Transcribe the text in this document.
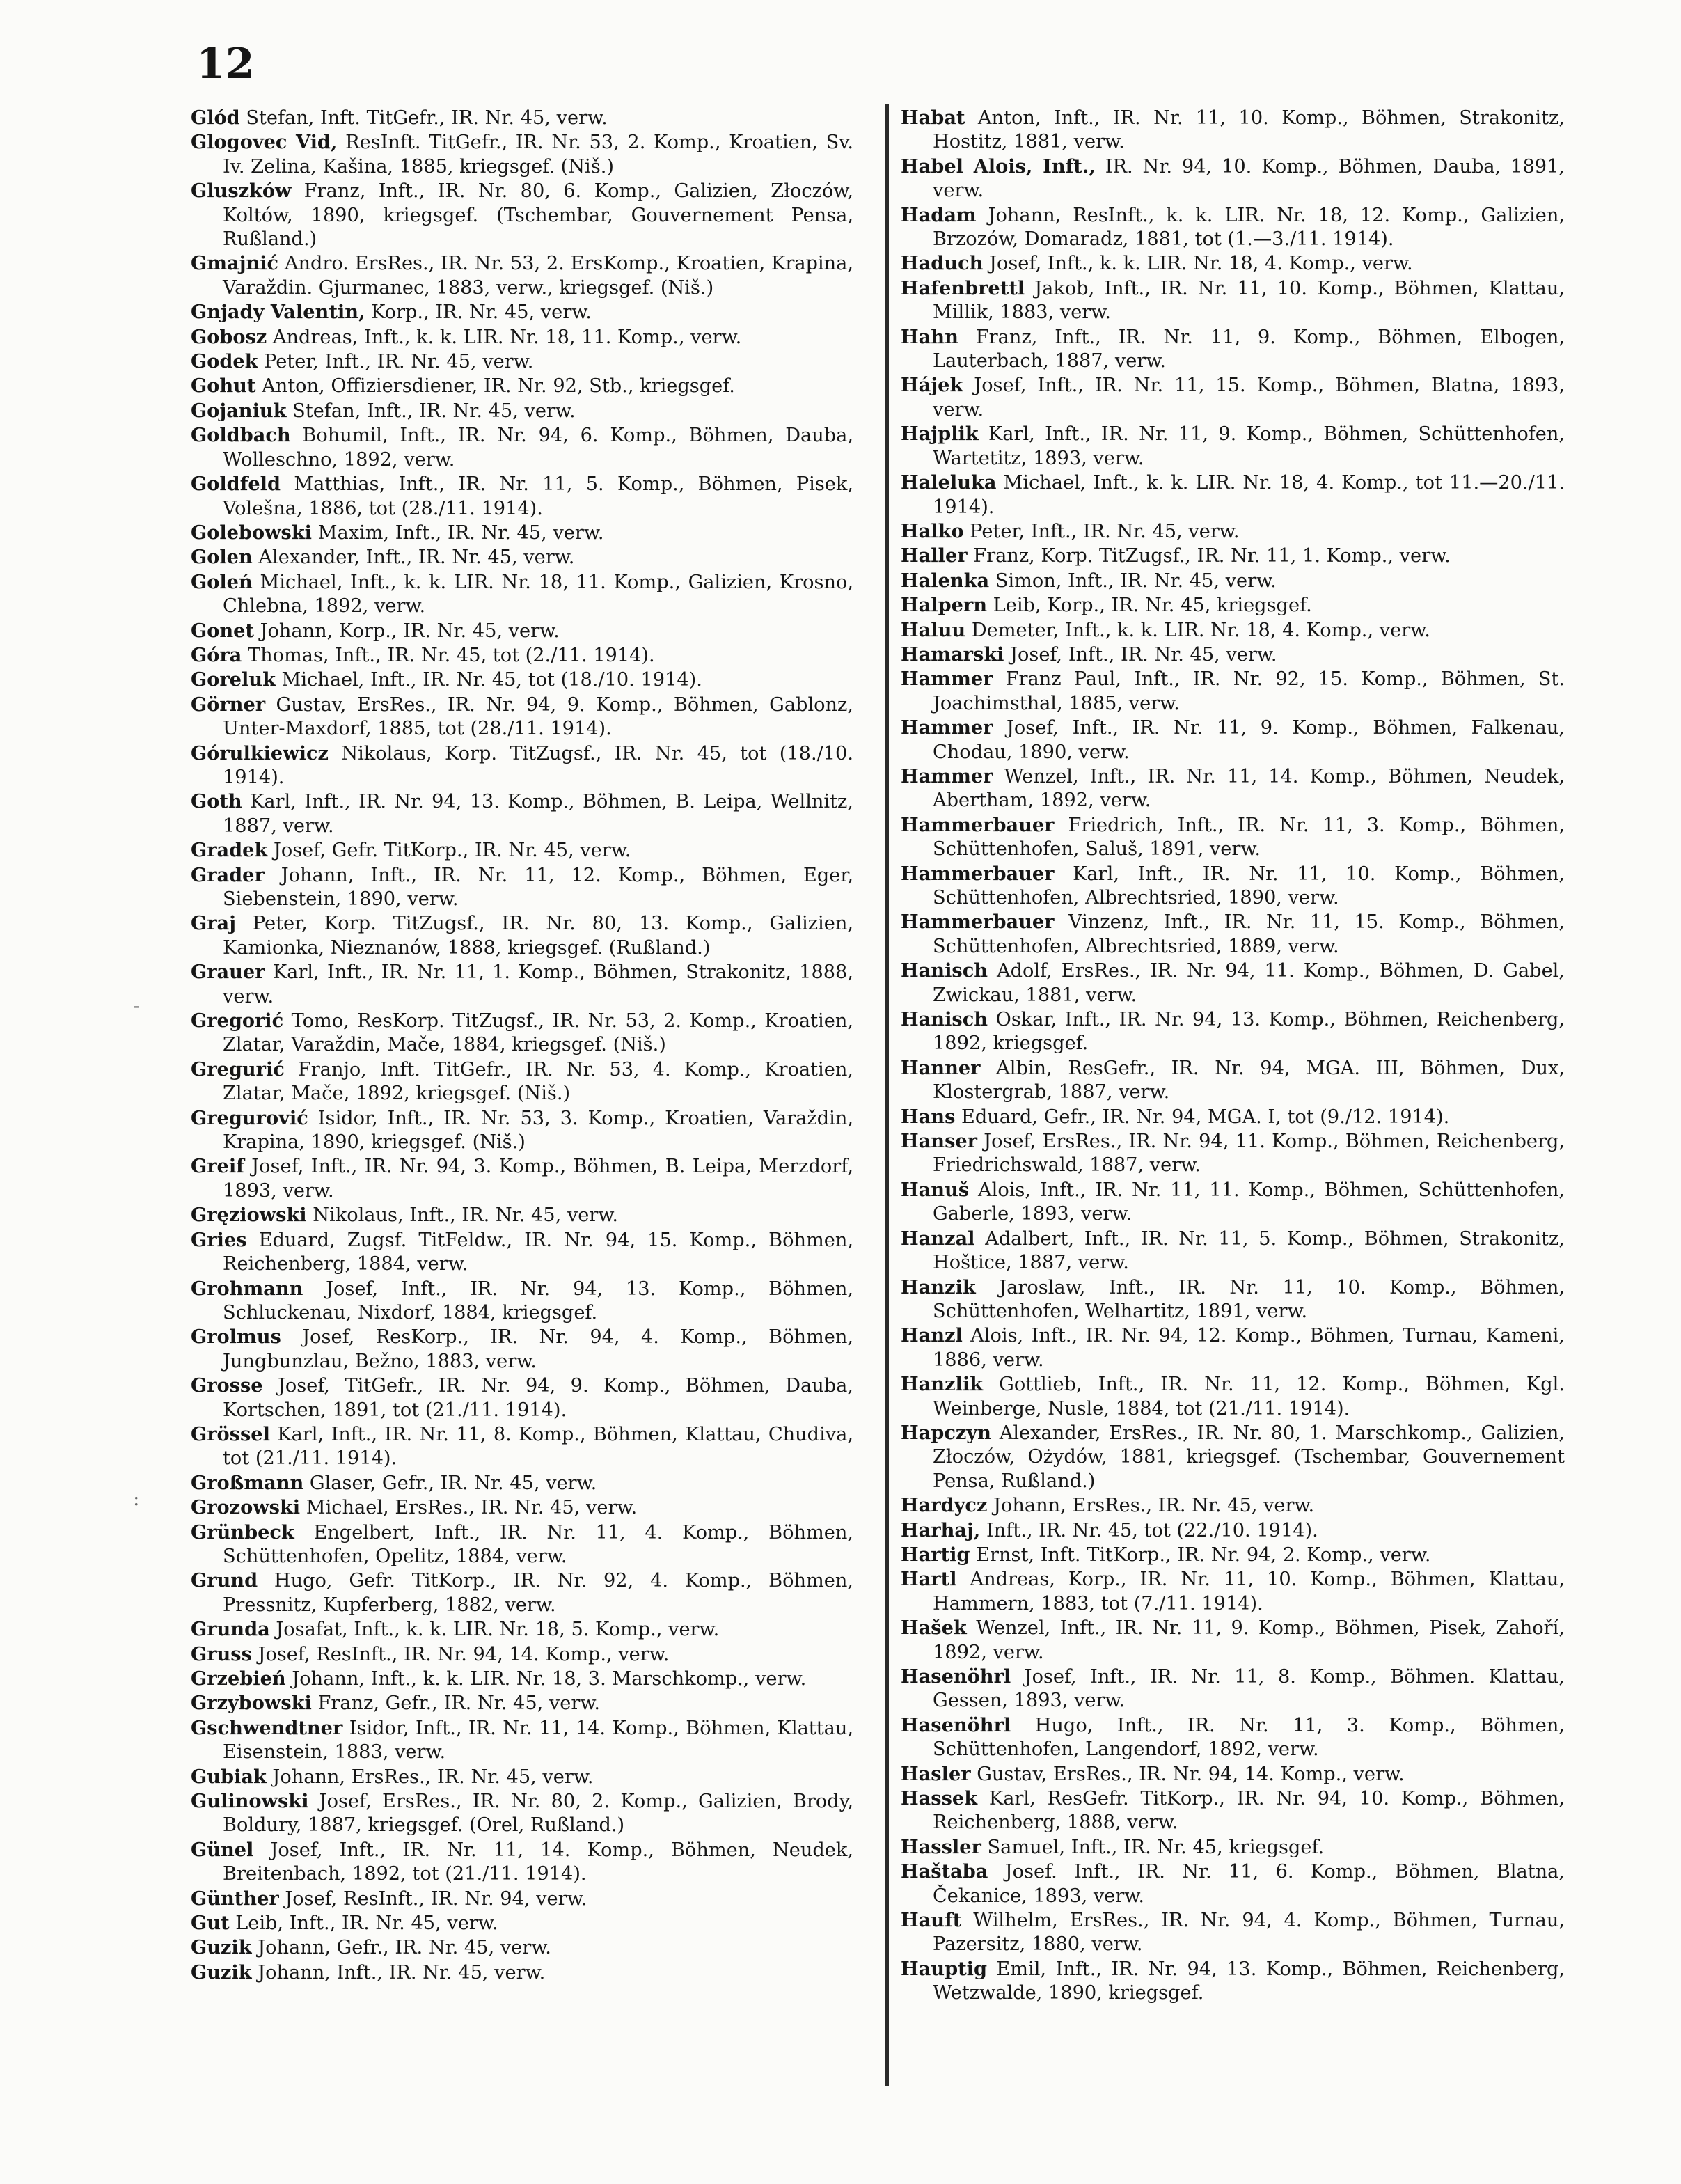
12

Glód Stefan, Inft. TitGefr., IR. Nr. 45, verw.

Glogovec Vid, ResInft. TitGefr., IR. Nr. 53, 2. Komp., Kroatien, Sv. Iv. Zelina, Kašina, 1885, kriegsgef. (Niš.)

Gluszków Franz, Inft., IR. Nr. 80, 6. Komp., Galizien, Złoczów, Koltów, 1890, kriegsgef. (Tschembar, Gouvernement Pensa, Rußland.)

Gmajnić Andro. ErsRes., IR. Nr. 53, 2. ErsKomp., Kroatien, Krapina, Varaždin. Gjurmanec, 1883, verw., kriegsgef. (Niš.)

Gnjady Valentin, Korp., IR. Nr. 45, verw.

Gobosz Andreas, Inft., k. k. LIR. Nr. 18, 11. Komp., verw.

Godek Peter, Inft., IR. Nr. 45, verw.

Gohut Anton, Offiziersdiener, IR. Nr. 92, Stb., kriegsgef.

Gojaniuk Stefan, Inft., IR. Nr. 45, verw.

Goldbach Bohumil, Inft., IR. Nr. 94, 6. Komp., Böhmen, Dauba, Wolleschno, 1892, verw.

Goldfeld Matthias, Inft., IR. Nr. 11, 5. Komp., Böhmen, Pisek, Volešna, 1886, tot (28./11. 1914).

Golebowski Maxim, Inft., IR. Nr. 45, verw.

Golen Alexander, Inft., IR. Nr. 45, verw.

Goleń Michael, Inft., k. k. LIR. Nr. 18, 11. Komp., Galizien, Krosno, Chlebna, 1892, verw.

Gonet Johann, Korp., IR. Nr. 45, verw.

Góra Thomas, Inft., IR. Nr. 45, tot (2./11. 1914).

Goreluk Michael, Inft., IR. Nr. 45, tot (18./10. 1914).

Görner Gustav, ErsRes., IR. Nr. 94, 9. Komp., Böhmen, Gablonz, Unter-Maxdorf, 1885, tot (28./11. 1914).

Górulkiewicz Nikolaus, Korp. TitZugsf., IR. Nr. 45, tot (18./10. 1914).

Goth Karl, Inft., IR. Nr. 94, 13. Komp., Böhmen, B. Leipa, Wellnitz, 1887, verw.

Gradek Josef, Gefr. TitKorp., IR. Nr. 45, verw.

Grader Johann, Inft., IR. Nr. 11, 12. Komp., Böhmen, Eger, Siebenstein, 1890, verw.

Graj Peter, Korp. TitZugsf., IR. Nr. 80, 13. Komp., Galizien, Kamionka, Nieznanów, 1888, kriegsgef. (Rußland.)

Grauer Karl, Inft., IR. Nr. 11, 1. Komp., Böhmen, Strakonitz, 1888, verw.

Gregorić Tomo, ResKorp. TitZugsf., IR. Nr. 53, 2. Komp., Kroatien, Zlatar, Varaždin, Mače, 1884, kriegsgef. (Niš.)

Gregurić Franjo, Inft. TitGefr., IR. Nr. 53, 4. Komp., Kroatien, Zlatar, Mače, 1892, kriegsgef. (Niš.)

Gregurović Isidor, Inft., IR. Nr. 53, 3. Komp., Kroatien, Varaždin, Krapina, 1890, kriegsgef. (Niš.)

Greif Josef, Inft., IR. Nr. 94, 3. Komp., Böhmen, B. Leipa, Merzdorf, 1893, verw.

Gręziowski Nikolaus, Inft., IR. Nr. 45, verw.

Gries Eduard, Zugsf. TitFeldw., IR. Nr. 94, 15. Komp., Böhmen, Reichenberg, 1884, verw.

Grohmann Josef, Inft., IR. Nr. 94, 13. Komp., Böhmen, Schluckenau, Nixdorf, 1884, kriegsgef.

Grolmus Josef, ResKorp., IR. Nr. 94, 4. Komp., Böhmen, Jungbunzlau, Bežno, 1883, verw.

Grosse Josef, TitGefr., IR. Nr. 94, 9. Komp., Böhmen, Dauba, Kortschen, 1891, tot (21./11. 1914).

Grössel Karl, Inft., IR. Nr. 11, 8. Komp., Böhmen, Klattau, Chudiva, tot (21./11. 1914).

Großmann Glaser, Gefr., IR. Nr. 45, verw.

Grozowski Michael, ErsRes., IR. Nr. 45, verw.

Grünbeck Engelbert, Inft., IR. Nr. 11, 4. Komp., Böhmen, Schüttenhofen, Opelitz, 1884, verw.

Grund Hugo, Gefr. TitKorp., IR. Nr. 92, 4. Komp., Böhmen, Pressnitz, Kupferberg, 1882, verw.

Grunda Josafat, Inft., k. k. LIR. Nr. 18, 5. Komp., verw.

Gruss Josef, ResInft., IR. Nr. 94, 14. Komp., verw.

Grzebień Johann, Inft., k. k. LIR. Nr. 18, 3. Marschkomp., verw.

Grzybowski Franz, Gefr., IR. Nr. 45, verw.

Gschwendtner Isidor, Inft., IR. Nr. 11, 14. Komp., Böhmen, Klattau, Eisenstein, 1883, verw.

Gubiak Johann, ErsRes., IR. Nr. 45, verw.

Gulinowski Josef, ErsRes., IR. Nr. 80, 2. Komp., Galizien, Brody, Boldury, 1887, kriegsgef. (Orel, Rußland.)

Günel Josef, Inft., IR. Nr. 11, 14. Komp., Böhmen, Neudek, Breitenbach, 1892, tot (21./11. 1914).

Günther Josef, ResInft., IR. Nr. 94, verw.

Gut Leib, Inft., IR. Nr. 45, verw.

Guzik Johann, Gefr., IR. Nr. 45, verw.

Guzik Johann, Inft., IR. Nr. 45, verw.

Habat Anton, Inft., IR. Nr. 11, 10. Komp., Böhmen, Strakonitz, Hostitz, 1881, verw.

Habel Alois, Inft., IR. Nr. 94, 10. Komp., Böhmen, Dauba, 1891, verw.

Hadam Johann, ResInft., k. k. LIR. Nr. 18, 12. Komp., Galizien, Brzozów, Domaradz, 1881, tot (1.—3./11. 1914).

Haduch Josef, Inft., k. k. LIR. Nr. 18, 4. Komp., verw.

Hafenbrettl Jakob, Inft., IR. Nr. 11, 10. Komp., Böhmen, Klattau, Millik, 1883, verw.

Hahn Franz, Inft., IR. Nr. 11, 9. Komp., Böhmen, Elbogen, Lauterbach, 1887, verw.

Hájek Josef, Inft., IR. Nr. 11, 15. Komp., Böhmen, Blatna, 1893, verw.

Hajplik Karl, Inft., IR. Nr. 11, 9. Komp., Böhmen, Schüttenhofen, Wartetitz, 1893, verw.

Haleluka Michael, Inft., k. k. LIR. Nr. 18, 4. Komp., tot 11.—20./11. 1914).

Halko Peter, Inft., IR. Nr. 45, verw.

Haller Franz, Korp. TitZugsf., IR. Nr. 11, 1. Komp., verw.

Halenka Simon, Inft., IR. Nr. 45, verw.

Halpern Leib, Korp., IR. Nr. 45, kriegsgef.

Haluu Demeter, Inft., k. k. LIR. Nr. 18, 4. Komp., verw.

Hamarski Josef, Inft., IR. Nr. 45, verw.

Hammer Franz Paul, Inft., IR. Nr. 92, 15. Komp., Böhmen, St. Joachimsthal, 1885, verw.

Hammer Josef, Inft., IR. Nr. 11, 9. Komp., Böhmen, Falkenau, Chodau, 1890, verw.

Hammer Wenzel, Inft., IR. Nr. 11, 14. Komp., Böhmen, Neudek, Abertham, 1892, verw.

Hammerbauer Friedrich, Inft., IR. Nr. 11, 3. Komp., Böhmen, Schüttenhofen, Saluš, 1891, verw.

Hammerbauer Karl, Inft., IR. Nr. 11, 10. Komp., Böhmen, Schüttenhofen, Albrechtsried, 1890, verw.

Hammerbauer Vinzenz, Inft., IR. Nr. 11, 15. Komp., Böhmen, Schüttenhofen, Albrechtsried, 1889, verw.

Hanisch Adolf, ErsRes., IR. Nr. 94, 11. Komp., Böhmen, D. Gabel, Zwickau, 1881, verw.

Hanisch Oskar, Inft., IR. Nr. 94, 13. Komp., Böhmen, Reichenberg, 1892, kriegsgef.

Hanner Albin, ResGefr., IR. Nr. 94, MGA. III, Böhmen, Dux, Klostergrab, 1887, verw.

Hans Eduard, Gefr., IR. Nr. 94, MGA. I, tot (9./12. 1914).

Hanser Josef, ErsRes., IR. Nr. 94, 11. Komp., Böhmen, Reichenberg, Friedrichswald, 1887, verw.

Hanuš Alois, Inft., IR. Nr. 11, 11. Komp., Böhmen, Schüttenhofen, Gaberle, 1893, verw.

Hanzal Adalbert, Inft., IR. Nr. 11, 5. Komp., Böhmen, Strakonitz, Hoštice, 1887, verw.

Hanzik Jaroslaw, Inft., IR. Nr. 11, 10. Komp., Böhmen, Schüttenhofen, Welhartitz, 1891, verw.

Hanzl Alois, Inft., IR. Nr. 94, 12. Komp., Böhmen, Turnau, Kameni, 1886, verw.

Hanzlik Gottlieb, Inft., IR. Nr. 11, 12. Komp., Böhmen, Kgl. Weinberge, Nusle, 1884, tot (21./11. 1914).

Hapczyn Alexander, ErsRes., IR. Nr. 80, 1. Marschkomp., Galizien, Złoczów, Ożydów, 1881, kriegsgef. (Tschembar, Gouvernement Pensa, Rußland.)

Hardycz Johann, ErsRes., IR. Nr. 45, verw.

Harhaj, Inft., IR. Nr. 45, tot (22./10. 1914).

Hartig Ernst, Inft. TitKorp., IR. Nr. 94, 2. Komp., verw.

Hartl Andreas, Korp., IR. Nr. 11, 10. Komp., Böhmen, Klattau, Hammern, 1883, tot (7./11. 1914).

Hašek Wenzel, Inft., IR. Nr. 11, 9. Komp., Böhmen, Pisek, Zahoří, 1892, verw.

Hasenöhrl Josef, Inft., IR. Nr. 11, 8. Komp., Böhmen. Klattau, Gessen, 1893, verw.

Hasenöhrl Hugo, Inft., IR. Nr. 11, 3. Komp., Böhmen, Schüttenhofen, Langendorf, 1892, verw.

Hasler Gustav, ErsRes., IR. Nr. 94, 14. Komp., verw.

Hassek Karl, ResGefr. TitKorp., IR. Nr. 94, 10. Komp., Böhmen, Reichenberg, 1888, verw.

Hassler Samuel, Inft., IR. Nr. 45, kriegsgef.

Haštaba Josef. Inft., IR. Nr. 11, 6. Komp., Böhmen, Blatna, Čekanice, 1893, verw.

Hauft Wilhelm, ErsRes., IR. Nr. 94, 4. Komp., Böhmen, Turnau, Pazersitz, 1880, verw.

Hauptig Emil, Inft., IR. Nr. 94, 13. Komp., Böhmen, Reichenberg, Wetzwalde, 1890, kriegsgef.

-
:
